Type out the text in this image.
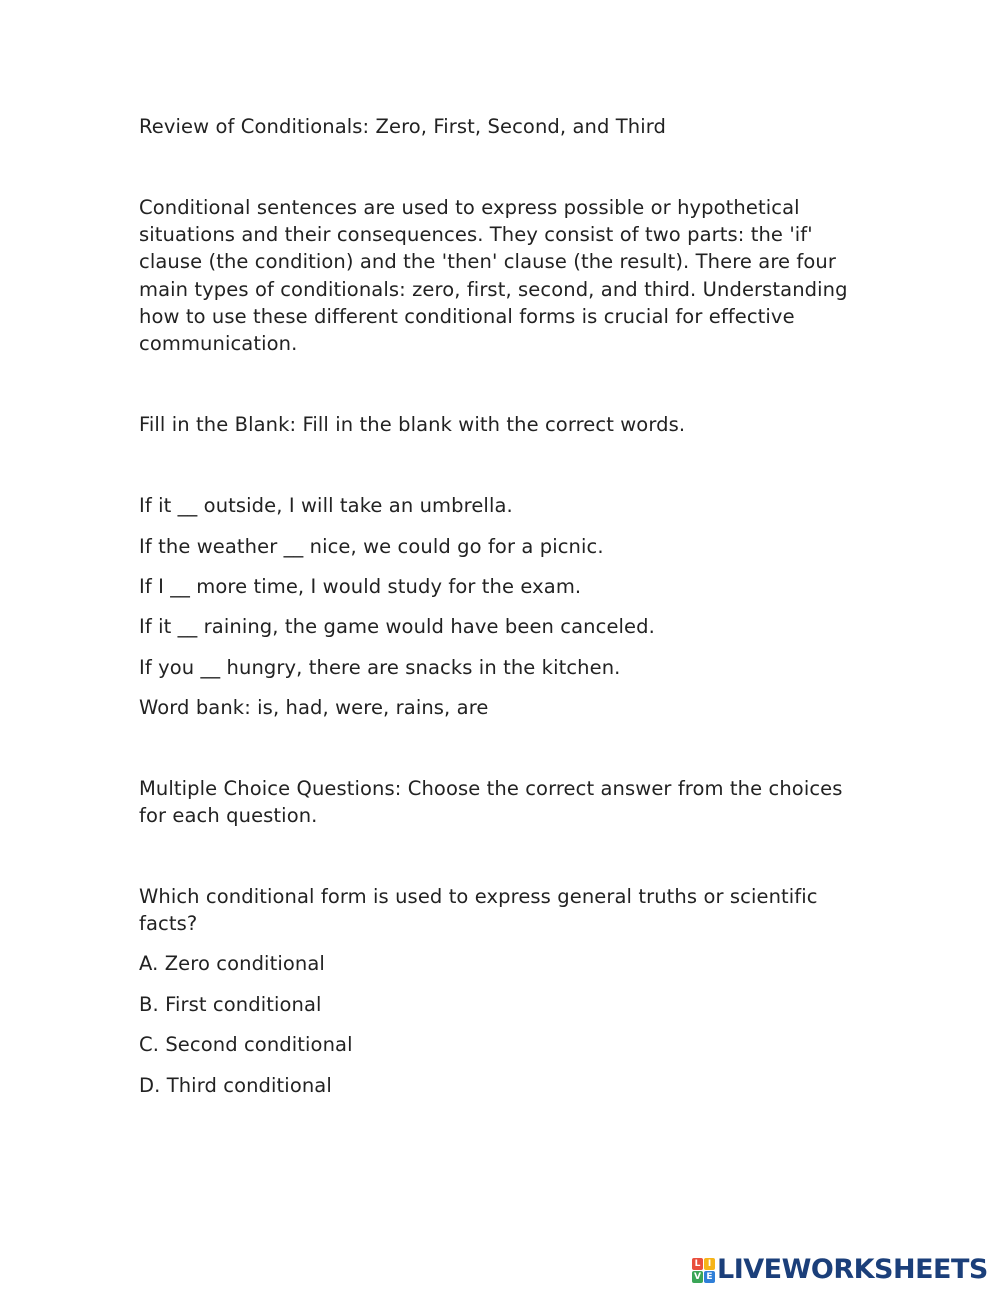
Review of Conditionals: Zero, First, Second, and Third

Conditional sentences are used to express possible or hypothetical situations and their consequences. They consist of two parts: the 'if' clause (the condition) and the 'then' clause (the result). There are four main types of conditionals: zero, first, second, and third. Understanding how to use these different conditional forms is crucial for effective communication.

Fill in the Blank: Fill in the blank with the correct words.

If it __ outside, I will take an umbrella.

If the weather __ nice, we could go for a picnic.

If I __ more time, I would study for the exam.

If it __ raining, the game would have been canceled.

If you __ hungry, there are snacks in the kitchen.

Word bank: is, had, were, rains, are

Multiple Choice Questions: Choose the correct answer from the choices for each question.

Which conditional form is used to express general truths or scientific facts?

A. Zero conditional

B. First conditional

C. Second conditional

D. Third conditional

L I
V E LIVEWORKSHEETS
